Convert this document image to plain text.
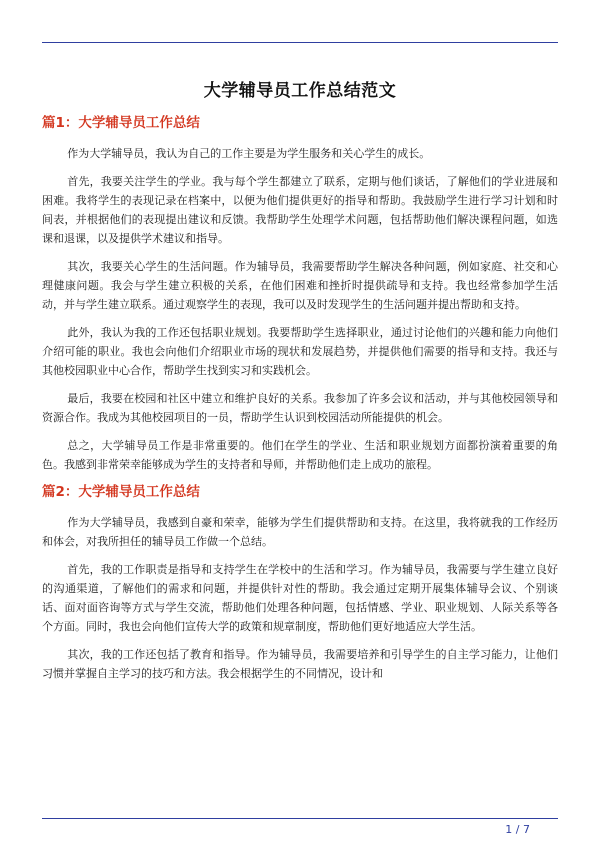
大学辅导员工作总结范文
篇1：大学辅导员工作总结

作为大学辅导员，我认为自己的工作主要是为学生服务和关心学生的成长。

首先，我要关注学生的学业。我与每个学生都建立了联系，定期与他们谈话，了解他们的学业进展和困难。我将学生的表现记录在档案中，以便为他们提供更好的指导和帮助。我鼓励学生进行学习计划和时间表，并根据他们的表现提出建议和反馈。我帮助学生处理学术问题，包括帮助他们解决课程问题，如选课和退课，以及提供学术建议和指导。

其次，我要关心学生的生活问题。作为辅导员，我需要帮助学生解决各种问题，例如家庭、社交和心理健康问题。我会与学生建立积极的关系，在他们困难和挫折时提供疏导和支持。我也经常参加学生活动，并与学生建立联系。通过观察学生的表现，我可以及时发现学生的生活问题并提出帮助和支持。

此外，我认为我的工作还包括职业规划。我要帮助学生选择职业，通过讨论他们的兴趣和能力向他们介绍可能的职业。我也会向他们介绍职业市场的现状和发展趋势，并提供他们需要的指导和支持。我还与其他校园职业中心合作，帮助学生找到实习和实践机会。

最后，我要在校园和社区中建立和维护良好的关系。我参加了许多会议和活动，并与其他校园领导和资源合作。我成为其他校园项目的一员，帮助学生认识到校园活动所能提供的机会。

总之，大学辅导员工作是非常重要的。他们在学生的学业、生活和职业规划方面都扮演着重要的角色。我感到非常荣幸能够成为学生的支持者和导师，并帮助他们走上成功的旅程。

篇2：大学辅导员工作总结

作为大学辅导员，我感到自豪和荣幸，能够为学生们提供帮助和支持。在这里，我将就我的工作经历和体会，对我所担任的辅导员工作做一个总结。

首先，我的工作职责是指导和支持学生在学校中的生活和学习。作为辅导员，我需要与学生建立良好的沟通渠道，了解他们的需求和问题，并提供针对性的帮助。我会通过定期开展集体辅导会议、个别谈话、面对面咨询等方式与学生交流，帮助他们处理各种问题，包括情感、学业、职业规划、人际关系等各个方面。同时，我也会向他们宣传大学的政策和规章制度，帮助他们更好地适应大学生活。

其次，我的工作还包括了教育和指导。作为辅导员，我需要培养和引导学生的自主学习能力，让他们习惯并掌握自主学习的技巧和方法。我会根据学生的不同情况，设计和

1 / 7
